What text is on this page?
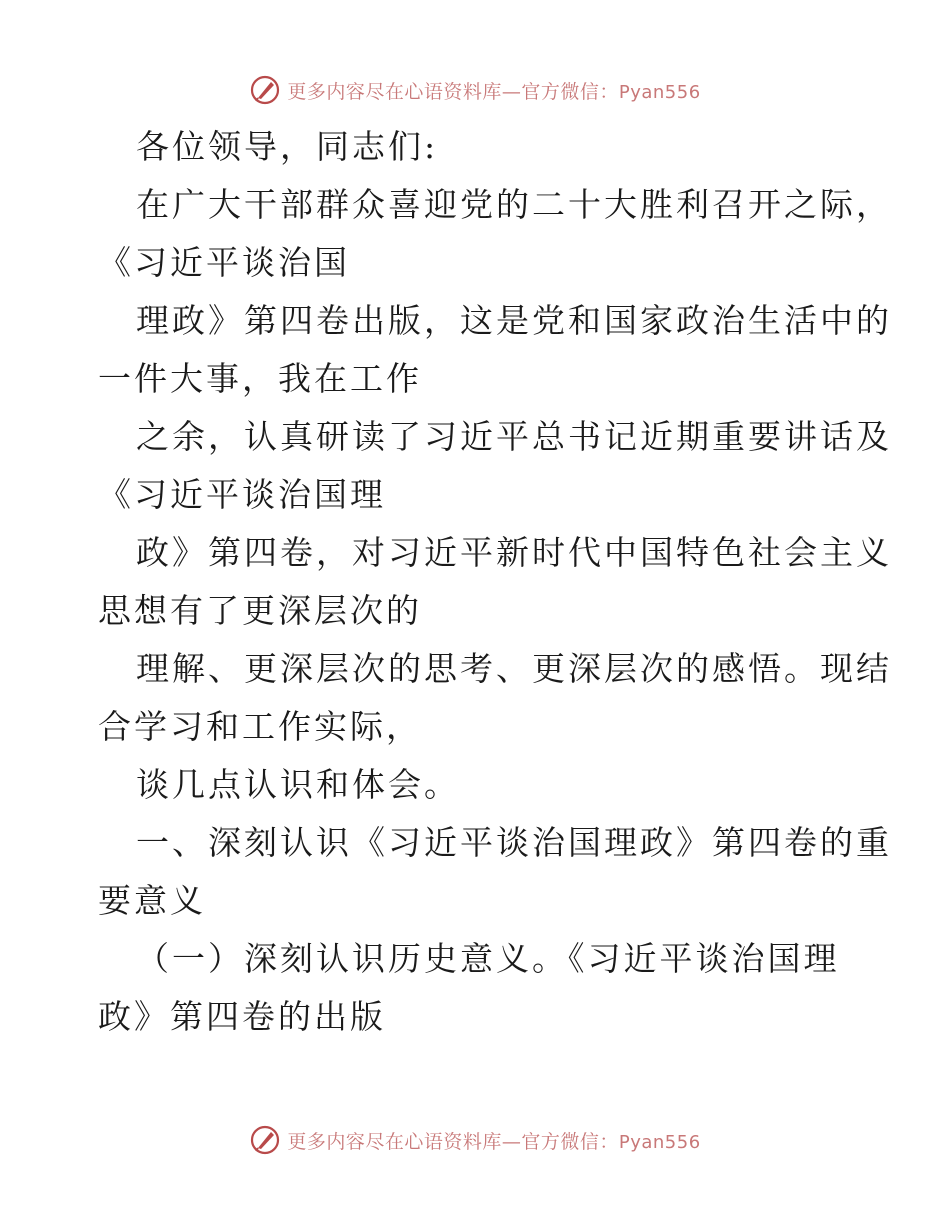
更多内容尽在心语资料库—官方微信：Pyan556
各位领导，同志们:
在广大干部群众喜迎党的二十大胜利召开之际，
《习近平谈治国
理政》第四卷出版，这是党和国家政治生活中的
一件大事，我在工作
之余，认真研读了习近平总书记近期重要讲话及
《习近平谈治国理
政》第四卷，对习近平新时代中国特色社会主义
思想有了更深层次的
理解、更深层次的思考、更深层次的感悟。现结
合学习和工作实际，
谈几点认识和体会。
一、深刻认识《习近平谈治国理政》第四卷的重
要意义
（一）深刻认识历史意义。《习近平谈治国理
政》第四卷的出版
更多内容尽在心语资料库—官方微信：Pyan556
